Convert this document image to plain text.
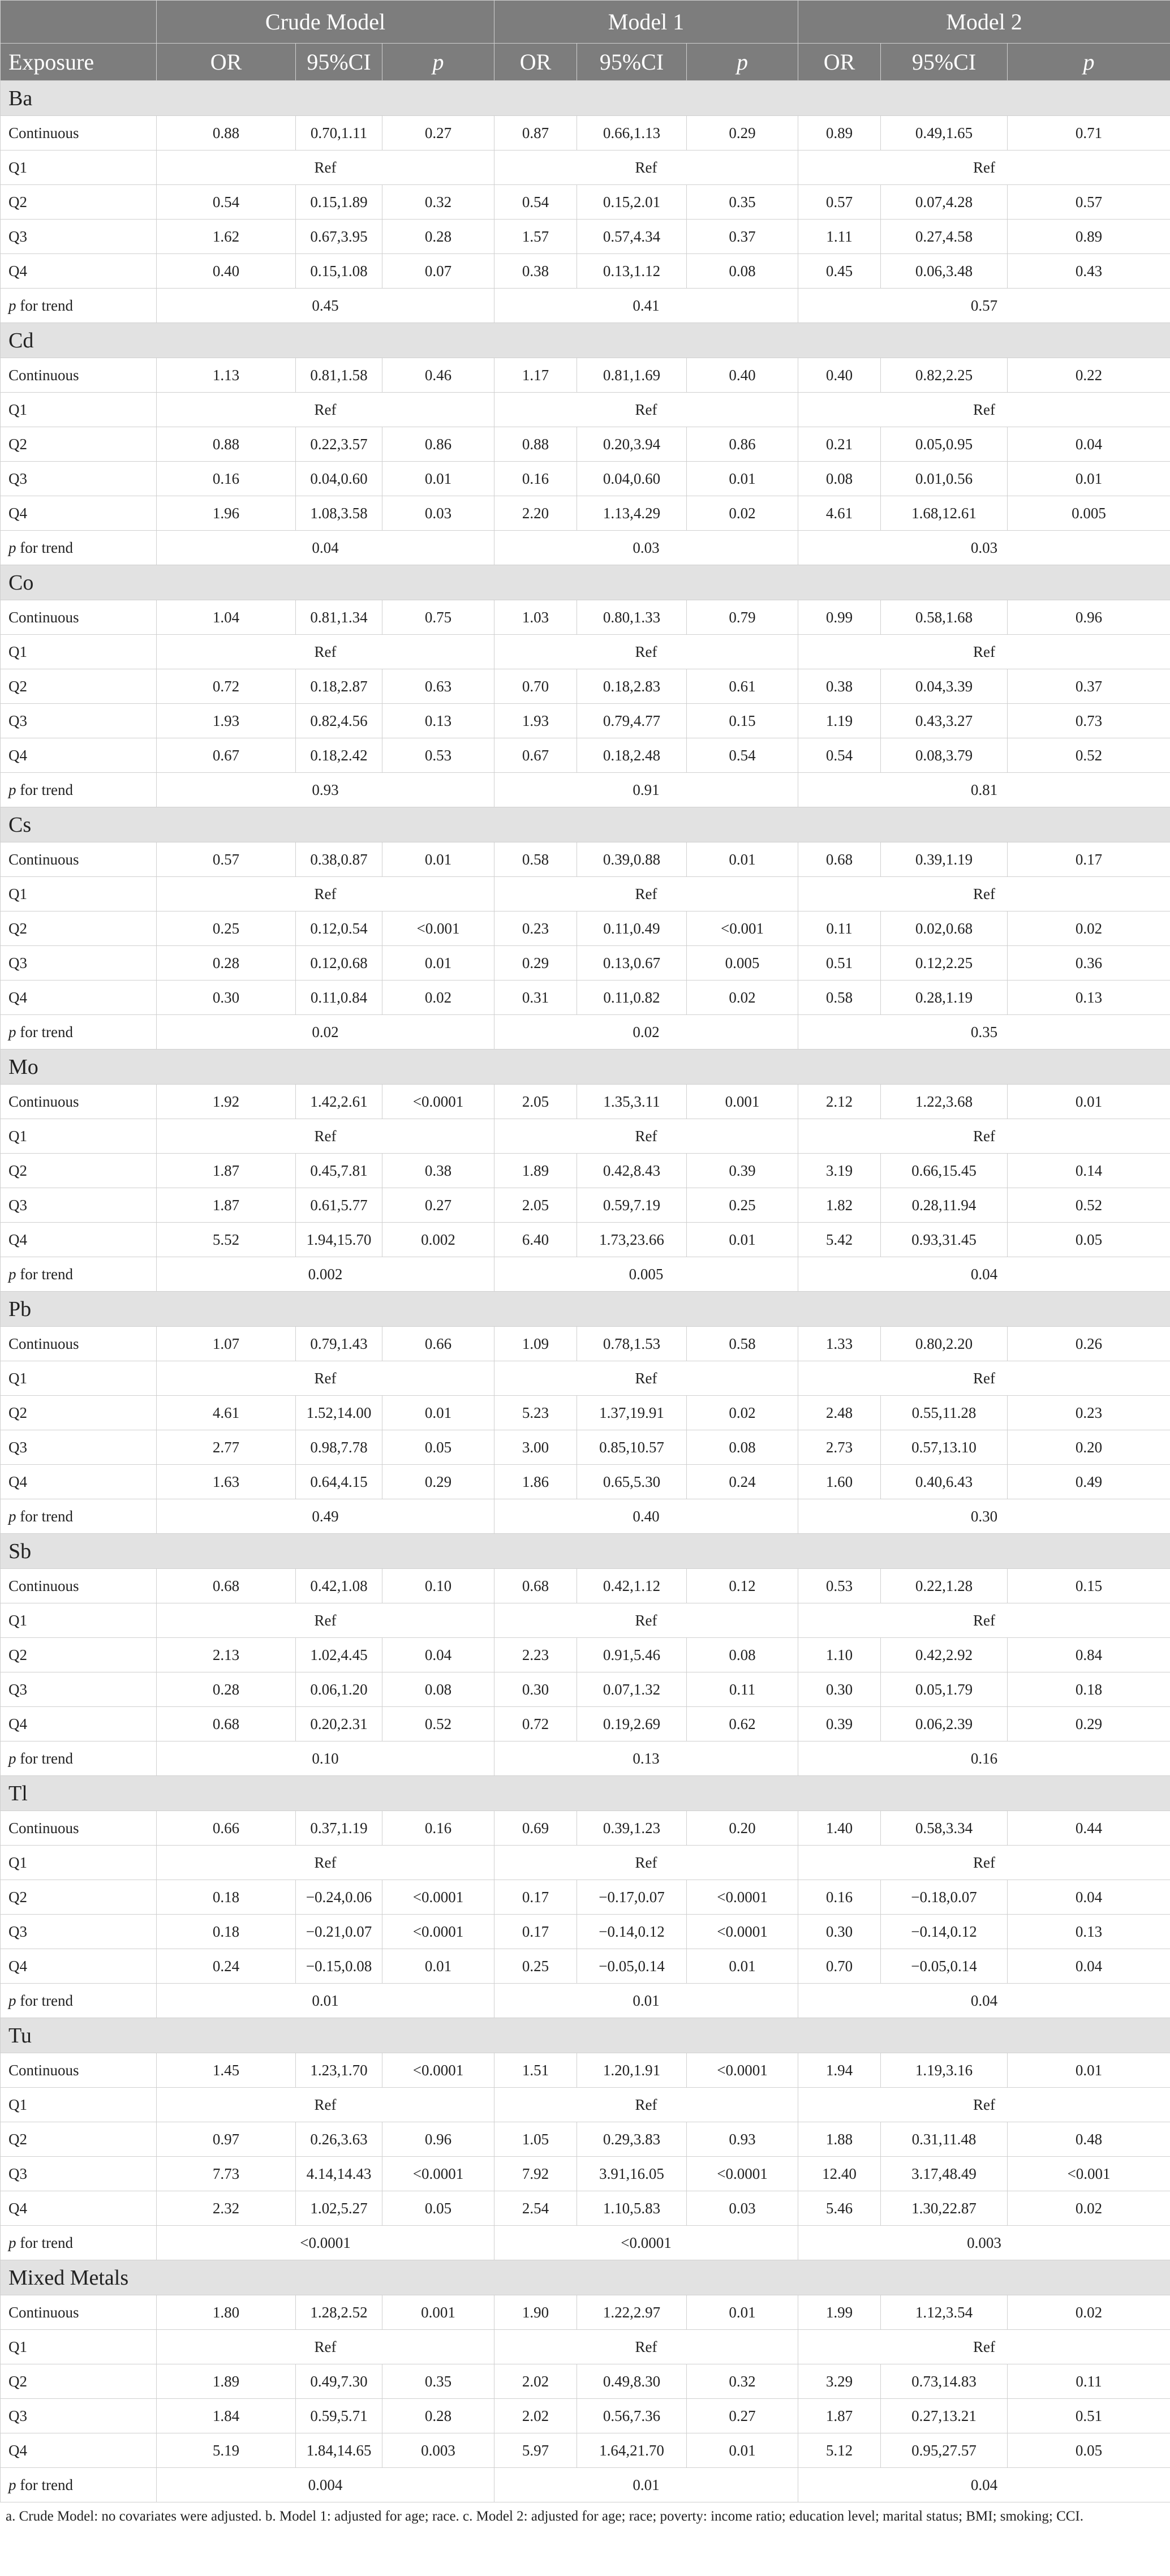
	Crude Model			Model 1			Model 2		
Exposure	OR	95%CI	p	OR	95%CI	p	OR	95%CI	p
Ba									
Continuous	0.88	0.70,1.11	0.27	0.87	0.66,1.13	0.29	0.89	0.49,1.65	0.71
Q1	Ref			Ref			Ref		
Q2	0.54	0.15,1.89	0.32	0.54	0.15,2.01	0.35	0.57	0.07,4.28	0.57
Q3	1.62	0.67,3.95	0.28	1.57	0.57,4.34	0.37	1.11	0.27,4.58	0.89
Q4	0.40	0.15,1.08	0.07	0.38	0.13,1.12	0.08	0.45	0.06,3.48	0.43
p for trend	0.45			0.41			0.57		
Cd									
Continuous	1.13	0.81,1.58	0.46	1.17	0.81,1.69	0.40	0.40	0.82,2.25	0.22
Q1	Ref			Ref			Ref		
Q2	0.88	0.22,3.57	0.86	0.88	0.20,3.94	0.86	0.21	0.05,0.95	0.04
Q3	0.16	0.04,0.60	0.01	0.16	0.04,0.60	0.01	0.08	0.01,0.56	0.01
Q4	1.96	1.08,3.58	0.03	2.20	1.13,4.29	0.02	4.61	1.68,12.61	0.005
p for trend	0.04			0.03			0.03		
Co									
Continuous	1.04	0.81,1.34	0.75	1.03	0.80,1.33	0.79	0.99	0.58,1.68	0.96
Q1	Ref			Ref			Ref		
Q2	0.72	0.18,2.87	0.63	0.70	0.18,2.83	0.61	0.38	0.04,3.39	0.37
Q3	1.93	0.82,4.56	0.13	1.93	0.79,4.77	0.15	1.19	0.43,3.27	0.73
Q4	0.67	0.18,2.42	0.53	0.67	0.18,2.48	0.54	0.54	0.08,3.79	0.52
p for trend	0.93			0.91			0.81		
Cs									
Continuous	0.57	0.38,0.87	0.01	0.58	0.39,0.88	0.01	0.68	0.39,1.19	0.17
Q1	Ref			Ref			Ref		
Q2	0.25	0.12,0.54	<0.001	0.23	0.11,0.49	<0.001	0.11	0.02,0.68	0.02
Q3	0.28	0.12,0.68	0.01	0.29	0.13,0.67	0.005	0.51	0.12,2.25	0.36
Q4	0.30	0.11,0.84	0.02	0.31	0.11,0.82	0.02	0.58	0.28,1.19	0.13
p for trend	0.02			0.02			0.35		
Mo									
Continuous	1.92	1.42,2.61	<0.0001	2.05	1.35,3.11	0.001	2.12	1.22,3.68	0.01
Q1	Ref			Ref			Ref		
Q2	1.87	0.45,7.81	0.38	1.89	0.42,8.43	0.39	3.19	0.66,15.45	0.14
Q3	1.87	0.61,5.77	0.27	2.05	0.59,7.19	0.25	1.82	0.28,11.94	0.52
Q4	5.52	1.94,15.70	0.002	6.40	1.73,23.66	0.01	5.42	0.93,31.45	0.05
p for trend	0.002			0.005			0.04		
Pb									
Continuous	1.07	0.79,1.43	0.66	1.09	0.78,1.53	0.58	1.33	0.80,2.20	0.26
Q1	Ref			Ref			Ref		
Q2	4.61	1.52,14.00	0.01	5.23	1.37,19.91	0.02	2.48	0.55,11.28	0.23
Q3	2.77	0.98,7.78	0.05	3.00	0.85,10.57	0.08	2.73	0.57,13.10	0.20
Q4	1.63	0.64,4.15	0.29	1.86	0.65,5.30	0.24	1.60	0.40,6.43	0.49
p for trend	0.49			0.40			0.30		
Sb									
Continuous	0.68	0.42,1.08	0.10	0.68	0.42,1.12	0.12	0.53	0.22,1.28	0.15
Q1	Ref			Ref			Ref		
Q2	2.13	1.02,4.45	0.04	2.23	0.91,5.46	0.08	1.10	0.42,2.92	0.84
Q3	0.28	0.06,1.20	0.08	0.30	0.07,1.32	0.11	0.30	0.05,1.79	0.18
Q4	0.68	0.20,2.31	0.52	0.72	0.19,2.69	0.62	0.39	0.06,2.39	0.29
p for trend	0.10			0.13			0.16		
Tl									
Continuous	0.66	0.37,1.19	0.16	0.69	0.39,1.23	0.20	1.40	0.58,3.34	0.44
Q1	Ref			Ref			Ref		
Q2	0.18	−0.24,0.06	<0.0001	0.17	−0.17,0.07	<0.0001	0.16	−0.18,0.07	0.04
Q3	0.18	−0.21,0.07	<0.0001	0.17	−0.14,0.12	<0.0001	0.30	−0.14,0.12	0.13
Q4	0.24	−0.15,0.08	0.01	0.25	−0.05,0.14	0.01	0.70	−0.05,0.14	0.04
p for trend	0.01			0.01			0.04		
Tu									
Continuous	1.45	1.23,1.70	<0.0001	1.51	1.20,1.91	<0.0001	1.94	1.19,3.16	0.01
Q1	Ref			Ref			Ref		
Q2	0.97	0.26,3.63	0.96	1.05	0.29,3.83	0.93	1.88	0.31,11.48	0.48
Q3	7.73	4.14,14.43	<0.0001	7.92	3.91,16.05	<0.0001	12.40	3.17,48.49	<0.001
Q4	2.32	1.02,5.27	0.05	2.54	1.10,5.83	0.03	5.46	1.30,22.87	0.02
p for trend	<0.0001			<0.0001			0.003		
Mixed Metals									
Continuous	1.80	1.28,2.52	0.001	1.90	1.22,2.97	0.01	1.99	1.12,3.54	0.02
Q1	Ref			Ref			Ref		
Q2	1.89	0.49,7.30	0.35	2.02	0.49,8.30	0.32	3.29	0.73,14.83	0.11
Q3	1.84	0.59,5.71	0.28	2.02	0.56,7.36	0.27	1.87	0.27,13.21	0.51
Q4	5.19	1.84,14.65	0.003	5.97	1.64,21.70	0.01	5.12	0.95,27.57	0.05
p for trend	0.004			0.01			0.04		
a. Crude Model: no covariates were adjusted. b. Model 1: adjusted for age; race. c. Model 2: adjusted for age; race; poverty: income ratio; education level; marital status; BMI; smoking; CCI.
